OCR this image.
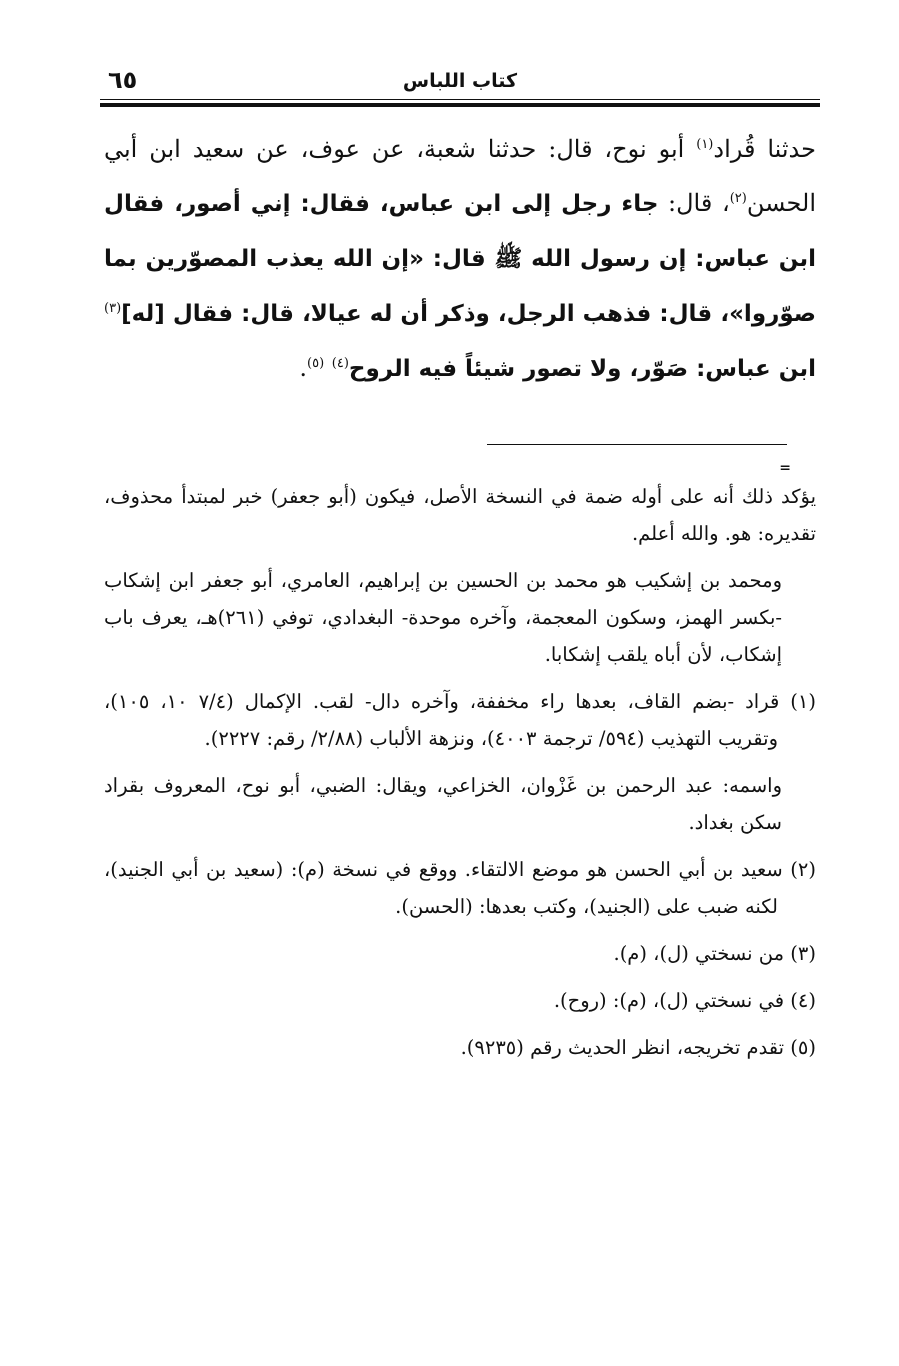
كتاب اللباس
٦٥

حدثنا قُراد$^{(١)}$ أبو نوح، قال: حدثنا شعبة، عن عوف، عن سعيد ابن أبي الحسن$^{(٢)}$، قال: جاء رجل إلى ابن عباس، فقال: إني أصور، فقال ابن عباس: إن رسول الله ﷺ قال: «إن الله يعذب المصوّرين بما صوّروا»، قال: فذهب الرجل، وذكر أن له عيالا، قال: فقال [له]$^{(٣)}$ ابن عباس: صَوّر، ولا تصور شيئاً فيه الروح$^{(٤)}$ $^{(٥)}$.

=

يؤكد ذلك أنه على أوله ضمة في النسخة الأصل، فيكون (أبو جعفر) خبر لمبتدأ محذوف، تقديره: هو. والله أعلم.

ومحمد بن إشكيب هو محمد بن الحسين بن إبراهيم، العامري، أبو جعفر ابن إشكاب -بكسر الهمز، وسكون المعجمة، وآخره موحدة- البغدادي، توفي (٢٦١)هـ، يعرف باب إشكاب، لأن أباه يلقب إشكابا.

(١) قراد -بضم القاف، بعدها راء مخففة، وآخره دال- لقب. الإكمال (٧/٤ ١٠، ١٠٥)، وتقريب التهذيب (٥٩٤/ ترجمة ٤٠٠٣)، ونزهة الألباب (٢/٨٨/ رقم: ٢٢٢٧).

واسمه: عبد الرحمن بن غَزْوان، الخزاعي، ويقال: الضبي، أبو نوح، المعروف بقراد سكن بغداد.

(٢) سعيد بن أبي الحسن هو موضع الالتقاء. ووقع في نسخة (م): (سعيد بن أبي الجنيد)، لكنه ضبب على (الجنيد)، وكتب بعدها: (الحسن).

(٣) من نسختي (ل)، (م).

(٤) في نسختي (ل)، (م): (روح).

(٥) تقدم تخريجه، انظر الحديث رقم (٩٢٣٥).
